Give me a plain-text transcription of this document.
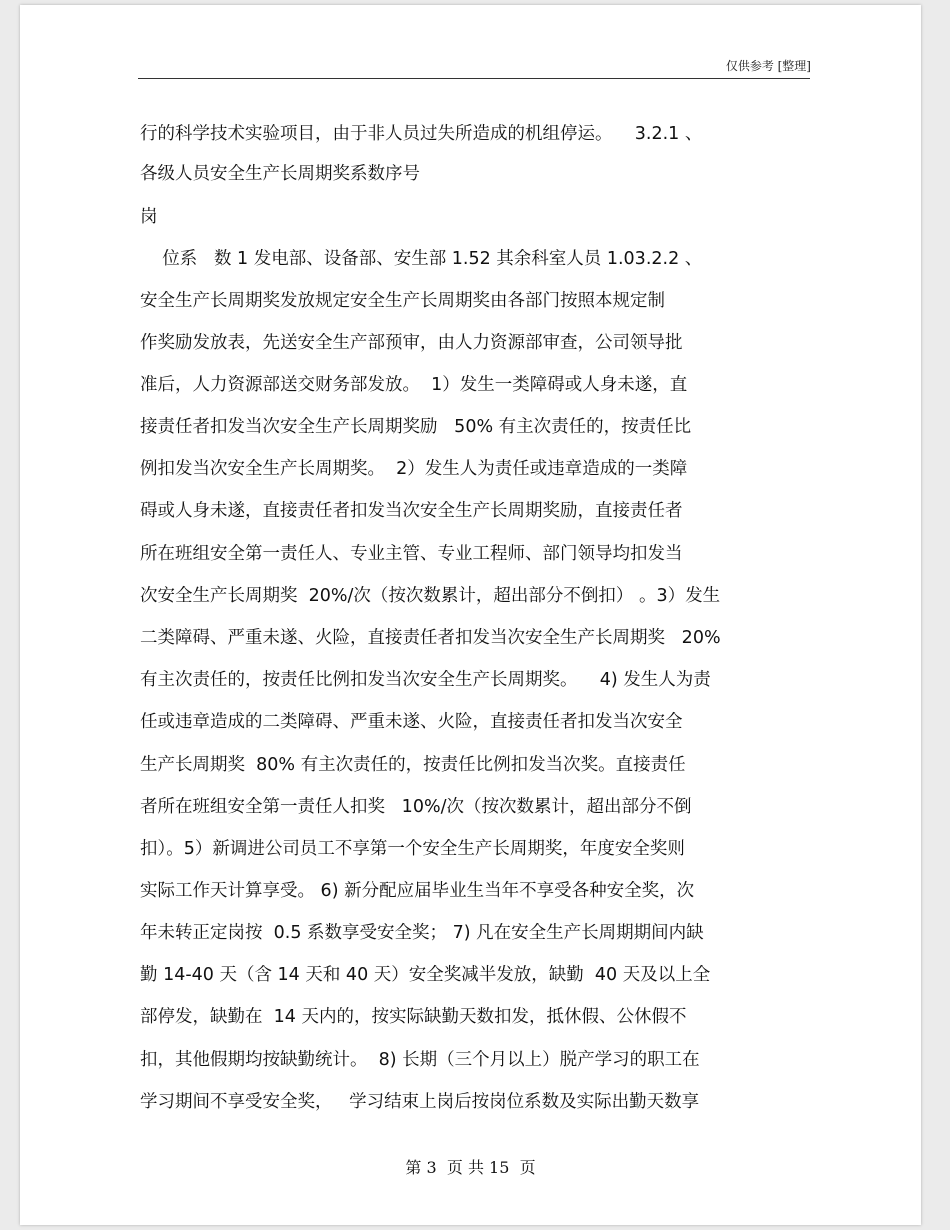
仅供参考 [整理]
行的科学技术实验项目，由于非人员过失所造成的机组停运。    3.2.1 、
各级人员安全生产长周期奖系数序号
岗
位系   数 1 发电部、设备部、安生部 1.52 其余科室人员 1.03.2.2 、
安全生产长周期奖发放规定安全生产长周期奖由各部门按照本规定制
作奖励发放表，先送安全生产部预审，由人力资源部审查，公司领导批
准后，人力资源部送交财务部发放。  1）发生一类障碍或人身未遂，直
接责任者扣发当次安全生产长周期奖励   50% 有主次责任的，按责任比
例扣发当次安全生产长周期奖。  2）发生人为责任或违章造成的一类障
碍或人身未遂，直接责任者扣发当次安全生产长周期奖励，直接责任者
所在班组安全第一责任人、专业主管、专业工程师、部门领导均扣发当
次安全生产长周期奖  20%/次（按次数累计，超出部分不倒扣） 。3）发生
二类障碍、严重未遂、火险，直接责任者扣发当次安全生产长周期奖   20%
有主次责任的，按责任比例扣发当次安全生产长周期奖。    4) 发生人为责
任或违章造成的二类障碍、严重未遂、火险，直接责任者扣发当次安全
生产长周期奖  80% 有主次责任的，按责任比例扣发当次奖。直接责任
者所在班组安全第一责任人扣奖   10%/次（按次数累计，超出部分不倒
扣）。5）新调进公司员工不享第一个安全生产长周期奖，年度安全奖则
实际工作天计算享受。 6) 新分配应届毕业生当年不享受各种安全奖，次
年未转正定岗按  0.5 系数享受安全奖； 7) 凡在安全生产长周期期间内缺
勤 14-40 天（含 14 天和 40 天）安全奖减半发放，缺勤  40 天及以上全
部停发，缺勤在  14 天内的，按实际缺勤天数扣发，抵休假、公休假不
扣，其他假期均按缺勤统计。  8) 长期（三个月以上）脱产学习的职工在
学习期间不享受安全奖，   学习结束上岗后按岗位系数及实际出勤天数享
第 3  页 共 15  页
